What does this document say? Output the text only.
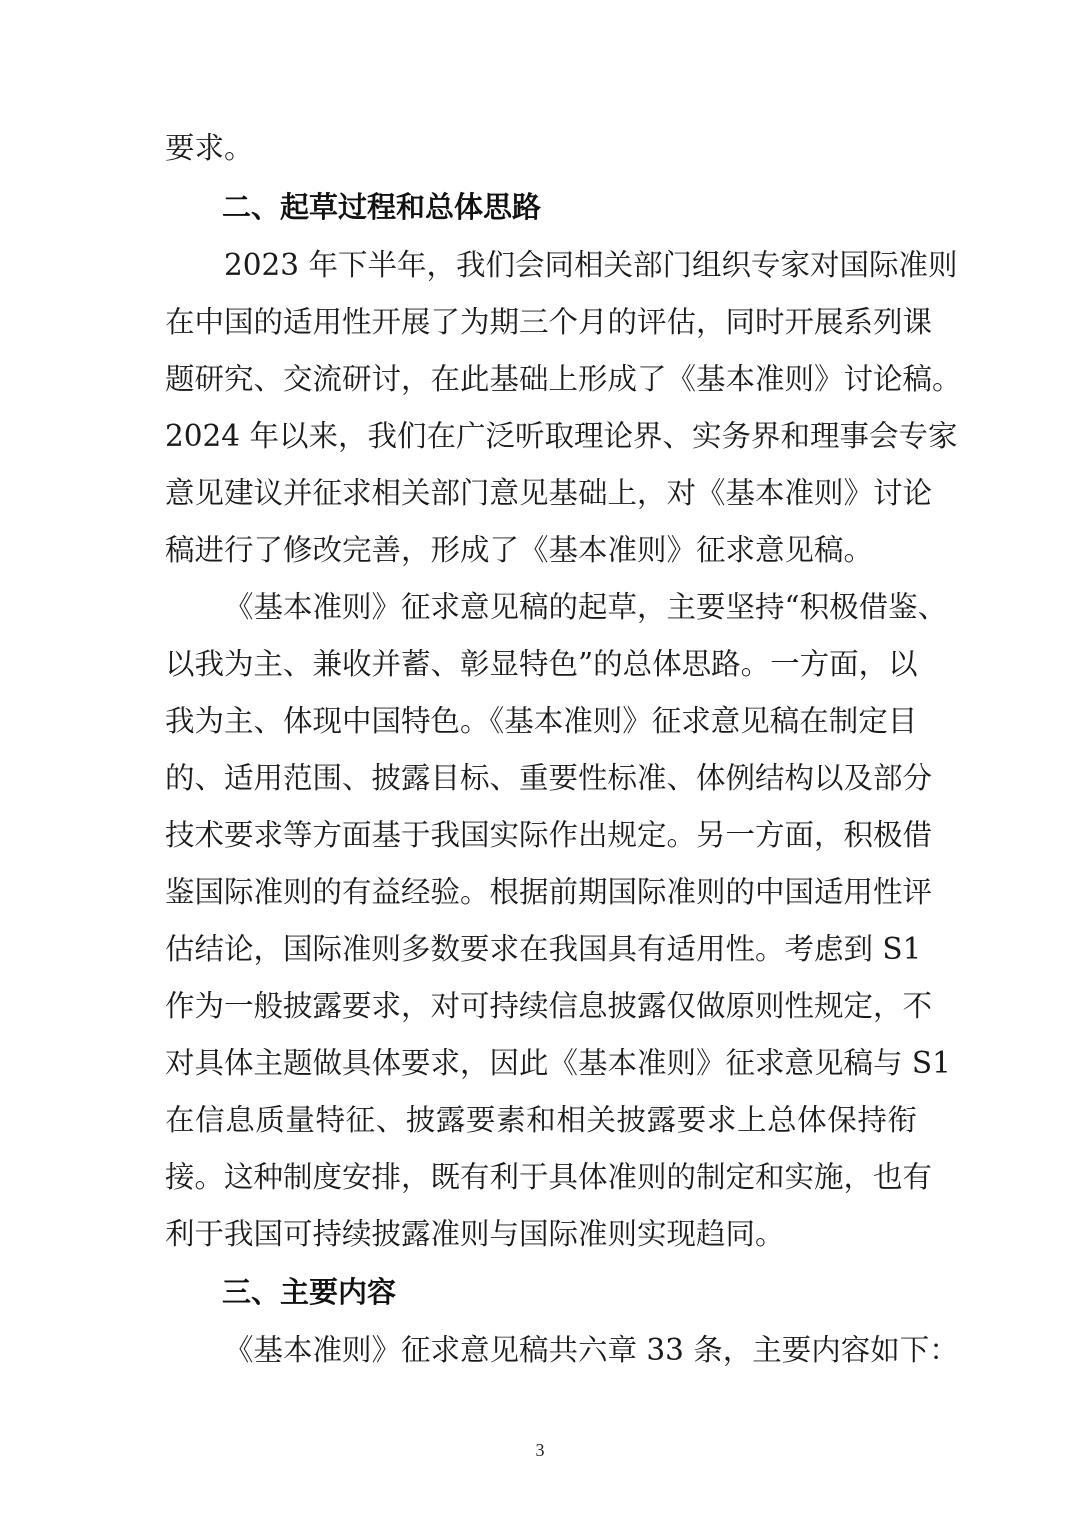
要求。
二、起草过程和总体思路
2023 年下半年，我们会同相关部门组织专家对国际准则
在中国的适用性开展了为期三个月的评估，同时开展系列课
题研究、交流研讨，在此基础上形成了《基本准则》讨论稿。
2024 年以来，我们在广泛听取理论界、实务界和理事会专家
意见建议并征求相关部门意见基础上，对《基本准则》讨论
稿进行了修改完善，形成了《基本准则》征求意见稿。
《基本准则》征求意见稿的起草，主要坚持“积极借鉴、
以我为主、兼收并蓄、彰显特色”的总体思路。一方面，以
我为主、体现中国特色。《基本准则》征求意见稿在制定目
的、适用范围、披露目标、重要性标准、体例结构以及部分
技术要求等方面基于我国实际作出规定。另一方面，积极借
鉴国际准则的有益经验。根据前期国际准则的中国适用性评
估结论，国际准则多数要求在我国具有适用性。考虑到 S1
作为一般披露要求，对可持续信息披露仅做原则性规定，不
对具体主题做具体要求，因此《基本准则》征求意见稿与 S1
在信息质量特征、披露要素和相关披露要求上总体保持衔
接。这种制度安排，既有利于具体准则的制定和实施，也有
利于我国可持续披露准则与国际准则实现趋同。
三、主要内容
《基本准则》征求意见稿共六章 33 条，主要内容如下：
3
